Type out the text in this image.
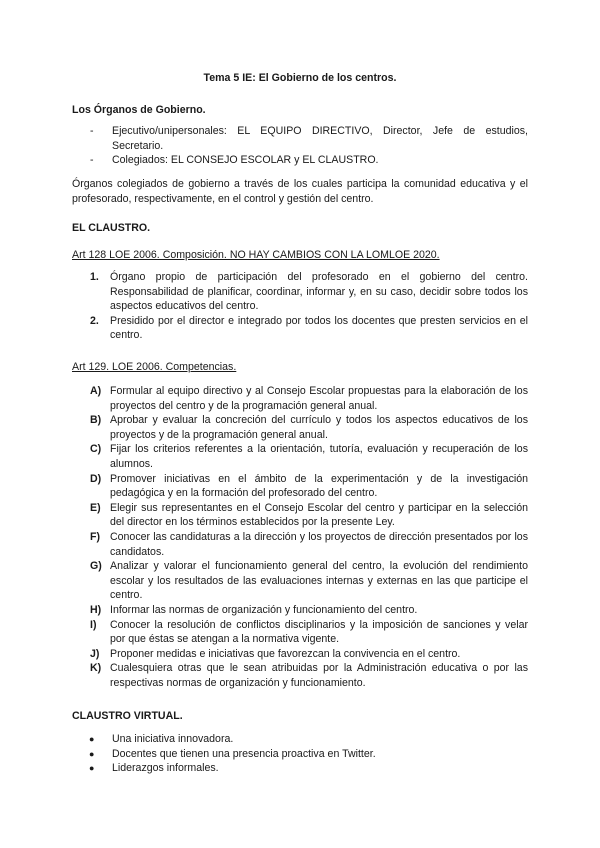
Tema 5 IE: El Gobierno de los centros.

Los Órganos de Gobierno.

- Ejecutivo/unipersonales: EL EQUIPO DIRECTIVO, Director, Jefe de estudios, Secretario.
- Colegiados: EL CONSEJO ESCOLAR y EL CLAUSTRO.

Órganos colegiados de gobierno a través de los cuales participa la comunidad educativa y el profesorado, respectivamente, en el control y gestión del centro.

EL CLAUSTRO.

Art 128 LOE 2006. Composición. NO HAY CAMBIOS CON LA LOMLOE 2020.

1. Órgano propio de participación del profesorado en el gobierno del centro. Responsabilidad de planificar, coordinar, informar y, en su caso, decidir sobre todos los aspectos educativos del centro.
2. Presidido por el director e integrado por todos los docentes que presten servicios en el centro.

Art 129. LOE 2006. Competencias.

A) Formular al equipo directivo y al Consejo Escolar propuestas para la elaboración de los proyectos del centro y de la programación general anual.
B) Aprobar y evaluar la concreción del currículo y todos los aspectos educativos de los proyectos y de la programación general anual.
C) Fijar los criterios referentes a la orientación, tutoría, evaluación y recuperación de los alumnos.
D) Promover iniciativas en el ámbito de la experimentación y de la investigación pedagógica y en la formación del profesorado del centro.
E) Elegir sus representantes en el Consejo Escolar del centro y participar en la selección del director en los términos establecidos por la presente Ley.
F) Conocer las candidaturas a la dirección y los proyectos de dirección presentados por los candidatos.
G) Analizar y valorar el funcionamiento general del centro, la evolución del rendimiento escolar y los resultados de las evaluaciones internas y externas en las que participe el centro.
H) Informar las normas de organización y funcionamiento del centro.
I) Conocer la resolución de conflictos disciplinarios y la imposición de sanciones y velar por que éstas se atengan a la normativa vigente.
J) Proponer medidas e iniciativas que favorezcan la convivencia en el centro.
K) Cualesquiera otras que le sean atribuidas por la Administración educativa o por las respectivas normas de organización y funcionamiento.

CLAUSTRO VIRTUAL.

● Una iniciativa innovadora.
● Docentes que tienen una presencia proactiva en Twitter.
● Liderazgos informales.
